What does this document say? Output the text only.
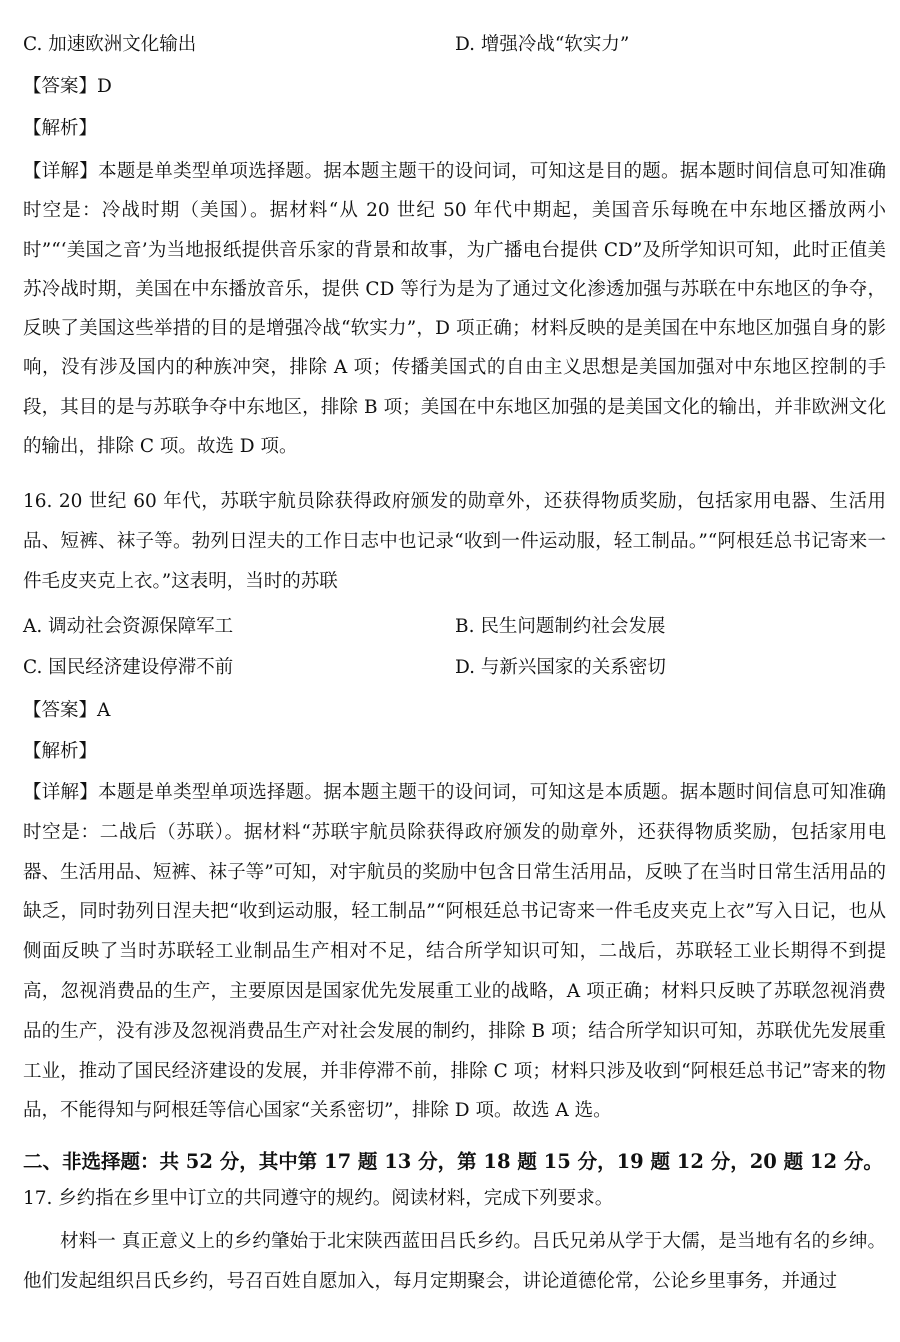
C. 加速欧洲文化输出	D. 增强冷战“软实力”
【答案】D
【解析】

【详解】本题是单类型单项选择题。据本题主题干的设问词，可知这是目的题。据本题时间信息可知准确时空是：冷战时期（美国）。据材料“从 20 世纪 50 年代中期起，美国音乐每晚在中东地区播放两小时”“‘美国之音’为当地报纸提供音乐家的背景和故事，为广播电台提供 CD”及所学知识可知，此时正值美苏冷战时期，美国在中东播放音乐，提供 CD 等行为是为了通过文化渗透加强与苏联在中东地区的争夺，反映了美国这些举措的目的是增强冷战“软实力”，D 项正确；材料反映的是美国在中东地区加强自身的影响，没有涉及国内的种族冲突，排除 A 项；传播美国式的自由主义思想是美国加强对中东地区控制的手段，其目的是与苏联争夺中东地区，排除 B 项；美国在中东地区加强的是美国文化的输出，并非欧洲文化的输出，排除 C 项。故选 D 项。

16. 20 世纪 60 年代，苏联宇航员除获得政府颁发的勋章外，还获得物质奖励，包括家用电器、生活用品、短裤、袜子等。勃列日涅夫的工作日志中也记录“收到一件运动服，轻工制品。”“阿根廷总书记寄来一件毛皮夹克上衣。”这表明，当时的苏联

A. 调动社会资源保障军工	B. 民生问题制约社会发展
C. 国民经济建设停滞不前	D. 与新兴国家的关系密切
【答案】A
【解析】

【详解】本题是单类型单项选择题。据本题主题干的设问词，可知这是本质题。据本题时间信息可知准确时空是：二战后（苏联）。据材料“苏联宇航员除获得政府颁发的勋章外，还获得物质奖励，包括家用电器、生活用品、短裤、袜子等”可知，对宇航员的奖励中包含日常生活用品，反映了在当时日常生活用品的缺乏，同时勃列日涅夫把“收到运动服，轻工制品”“阿根廷总书记寄来一件毛皮夹克上衣”写入日记，也从侧面反映了当时苏联轻工业制品生产相对不足，结合所学知识可知，二战后，苏联轻工业长期得不到提高，忽视消费品的生产，主要原因是国家优先发展重工业的战略，A 项正确；材料只反映了苏联忽视消费品的生产，没有涉及忽视消费品生产对社会发展的制约，排除 B 项；结合所学知识可知，苏联优先发展重工业，推动了国民经济建设的发展，并非停滞不前，排除 C 项；材料只涉及收到“阿根廷总书记”寄来的物品，不能得知与阿根廷等信心国家“关系密切”，排除 D 项。故选 A 选。

二、非选择题：共 52 分，其中第 17 题 13 分，第 18 题 15 分，19 题 12 分，20 题 12 分。
17. 乡约指在乡里中订立的共同遵守的规约。阅读材料，完成下列要求。

材料一 真正意义上的乡约肇始于北宋陕西蓝田吕氏乡约。吕氏兄弟从学于大儒，是当地有名的乡绅。他们发起组织吕氏乡约，号召百姓自愿加入，每月定期聚会，讲论道德伦常，公论乡里事务，并通过
